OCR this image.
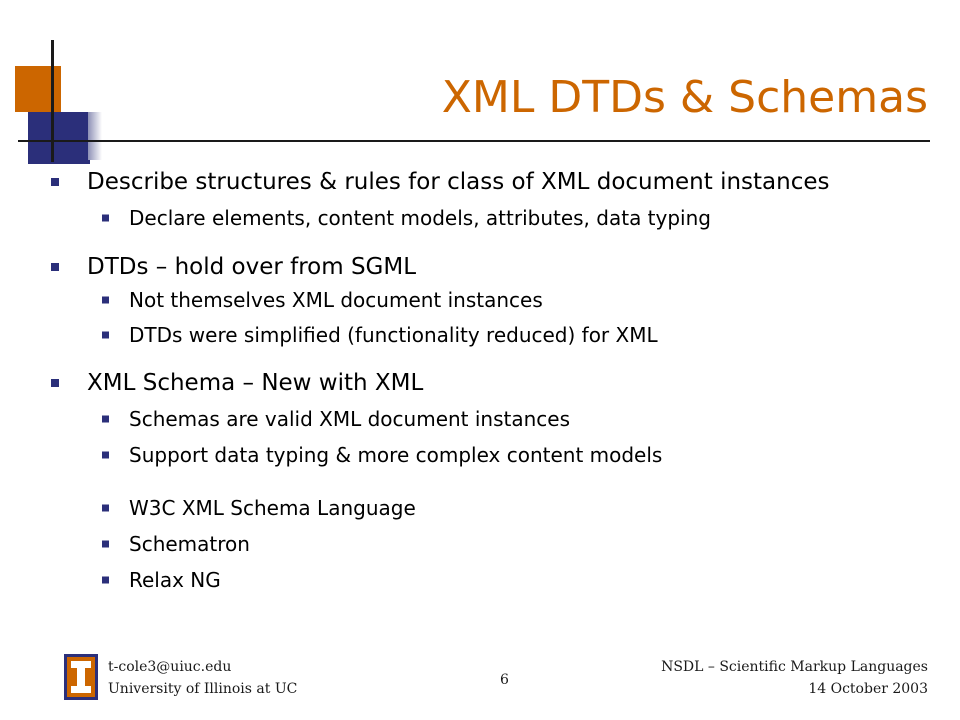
XML DTDs & Schemas
Describe structures & rules for class of XML document instances
Declare elements, content models, attributes, data typing
DTDs – hold over from SGML
Not themselves XML document instances
DTDs were simplified (functionality reduced) for XML
XML Schema – New with XML
Schemas are valid XML document instances
Support data typing & more complex content models
W3C XML Schema Language
Schematron
Relax NG
t-cole3@uiuc.edu
University of Illinois at UC
6
NSDL – Scientific Markup Languages
14 October 2003
